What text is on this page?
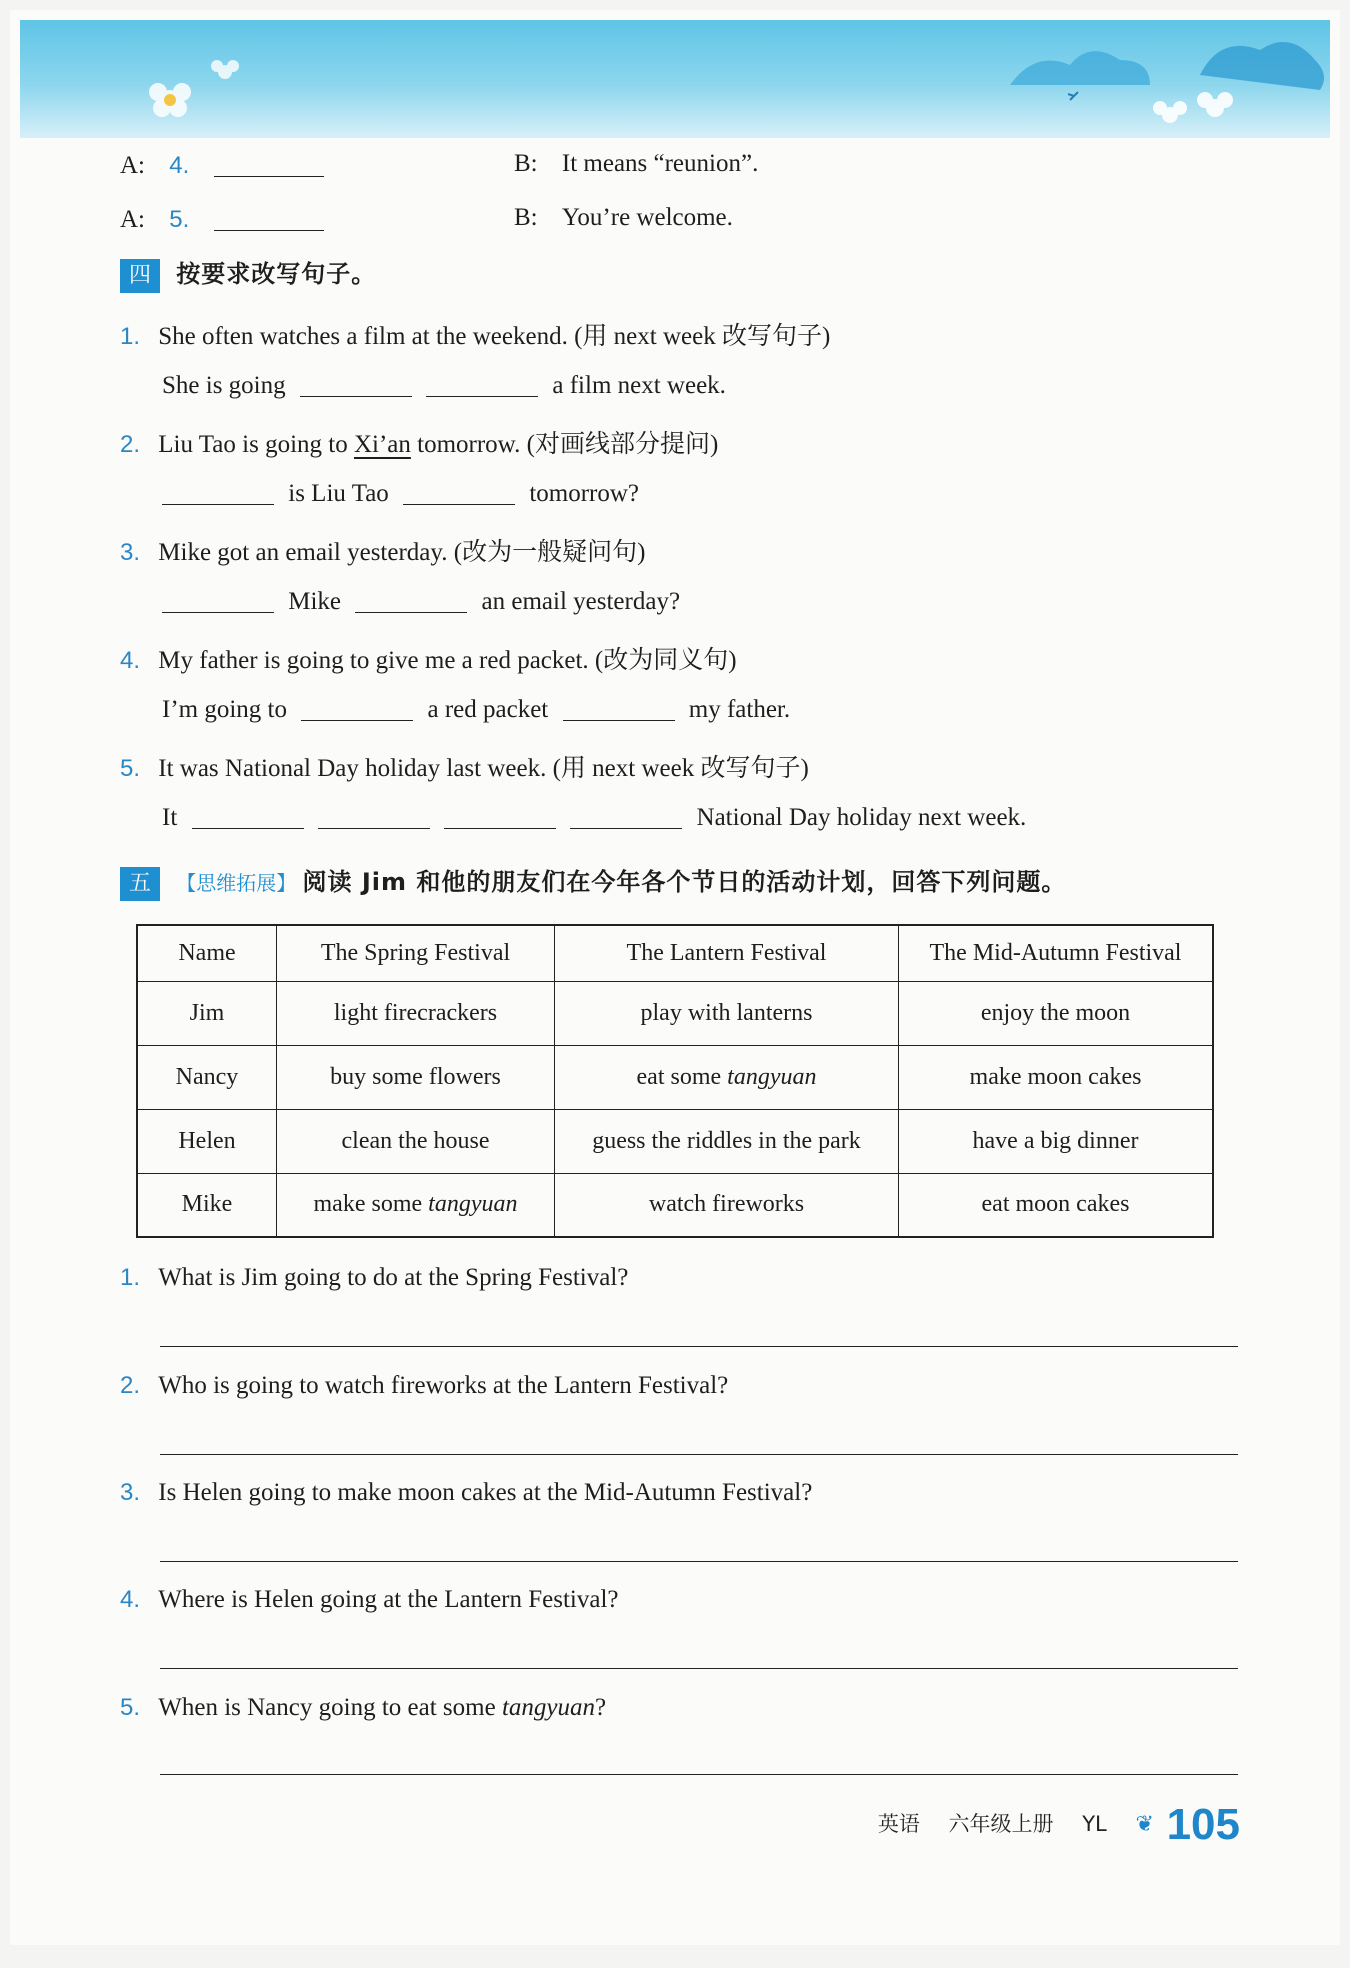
A: 4.	B: It means “reunion”.
A: 5.	B: You’re welcome.
四 按要求改写句子。
1. She often watches a film at the weekend. (用 next week 改写句子)
She is going	a film next week.
2. Liu Tao is going to Xi’an tomorrow. (对画线部分提问)
is Liu Tao	tomorrow?
3. Mike got an email yesterday. (改为一般疑问句)
Mike	an email yesterday?
4. My father is going to give me a red packet. (改为同义句)
I’m going to	a red packet	my father.
5. It was National Day holiday last week. (用 next week 改写句子)
It	National Day holiday next week.
五 【思维拓展】 阅读 Jim 和他的朋友们在今年各个节日的活动计划，回答下列问题。
Name	The Spring Festival	The Lantern Festival	The Mid-Autumn Festival
Jim	light firecrackers	play with lanterns	enjoy the moon
Nancy	buy some flowers	eat some tangyuan	make moon cakes
Helen	clean the house	guess the riddles in the park	have a big dinner
Mike	make some tangyuan	watch fireworks	eat moon cakes
1. What is Jim going to do at the Spring Festival?
2. Who is going to watch fireworks at the Lantern Festival?
3. Is Helen going to make moon cakes at the Mid-Autumn Festival?
4. Where is Helen going at the Lantern Festival?
5. When is Nancy going to eat some tangyuan?
英语 六年级上册 YL ❦ 105
